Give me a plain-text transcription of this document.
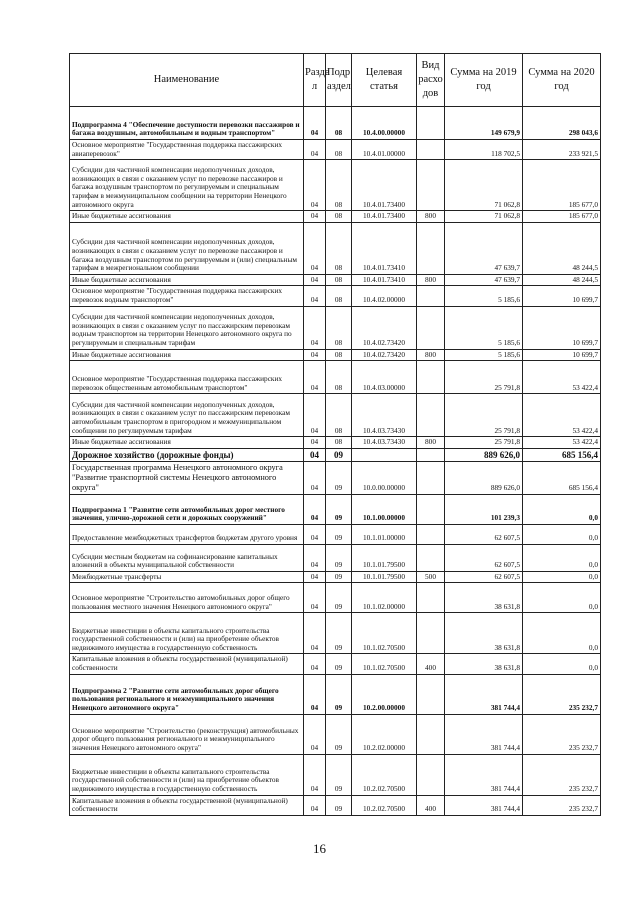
Наименование	Разде л	Подр аздел	Целевая статья	Вид расхо дов	Сумма на 2019 год	Сумма на 2020 год
Подпрограмма 4 "Обеспечение доступности перевозки пассажиров и багажа воздушным, автомобильным и водным транспортом"	04	08	10.4.00.00000		149 679,9	298 043,6
Основное мероприятие "Государственная поддержка пассажирских авиаперевозок"	04	08	10.4.01.00000		118 702,5	233 921,5
Субсидии для частичной компенсации недополученных доходов, возникающих в связи с оказанием услуг по перевозке пассажиров и багажа воздушным транспортом по регулируемым и специальным тарифам в межмуниципальном сообщении на территории Ненецкого автономного округа	04	08	10.4.01.73400		71 062,8	185 677,0
Иные бюджетные ассигнования	04	08	10.4.01.73400	800	71 062,8	185 677,0
Субсидии для частичной компенсации недополученных доходов, возникающих в связи с оказанием услуг по перевозке пассажиров и багажа воздушным транспортом по регулируемым и (или) специальным тарифам в межрегиональном сообщении	04	08	10.4.01.73410		47 639,7	48 244,5
Иные бюджетные ассигнования	04	08	10.4.01.73410	800	47 639,7	48 244,5
Основное мероприятие "Государственная поддержка пассажирских перевозок водным транспортом"	04	08	10.4.02.00000		5 185,6	10 699,7
Субсидии для частичной компенсации недополученных доходов, возникающих в связи с оказанием услуг по пассажирским перевозкам водным транспортом на территории Ненецкого автономного округа по регулируемым и специальным тарифам	04	08	10.4.02.73420		5 185,6	10 699,7
Иные бюджетные ассигнования	04	08	10.4.02.73420	800	5 185,6	10 699,7
Основное мероприятие "Государственная поддержка пассажирских перевозок общественным автомобильным транспортом"	04	08	10.4.03.00000		25 791,8	53 422,4
Субсидии для частичной компенсации недополученных доходов, возникающих в связи с оказанием услуг по пассажирским перевозкам автомобильным транспортом в пригородном и межмуниципальном сообщении по регулируемым тарифам	04	08	10.4.03.73430		25 791,8	53 422,4
Иные бюджетные ассигнования	04	08	10.4.03.73430	800	25 791,8	53 422,4
Дорожное хозяйство (дорожные фонды)	04	09			889 626,0	685 156,4
Государственная программа Ненецкого автономного округа "Развитие транспортной системы Ненецкого автономного округа"	04	09	10.0.00.00000		889 626,0	685 156,4
Подпрограмма 1 "Развитие сети автомобильных дорог местного значения, улично-дорожной сети и дорожных сооружений"	04	09	10.1.00.00000		101 239,3	0,0
Предоставление межбюджетных трансфертов бюджетам другого уровня	04	09	10.1.01.00000		62 607,5	0,0
Субсидии местным бюджетам на софинансирование капитальных вложений в объекты муниципальной собственности	04	09	10.1.01.79500		62 607,5	0,0
Межбюджетные трансферты	04	09	10.1.01.79500	500	62 607,5	0,0
Основное мероприятие "Строительство автомобильных дорог общего пользования местного значения Ненецкого автономного округа"	04	09	10.1.02.00000		38 631,8	0,0
Бюджетные инвестиции в объекты капитального строительства государственной собственности и (или) на приобретение объектов недвижимого имущества в государственную собственность	04	09	10.1.02.70500		38 631,8	0,0
Капитальные вложения в объекты государственной (муниципальной) собственности	04	09	10.1.02.70500	400	38 631,8	0,0
Подпрограмма 2 "Развитие сети автомобильных дорог общего пользования регионального и межмуниципального значения Ненецкого автономного округа"	04	09	10.2.00.00000		381 744,4	235 232,7
Основное мероприятие "Строительство (реконструкция) автомобильных дорог общего пользования регионального и межмуниципального значения Ненецкого автономного округа"	04	09	10.2.02.00000		381 744,4	235 232,7
Бюджетные инвестиции в объекты капитального строительства государственной собственности и (или) на приобретение объектов недвижимого имущества в государственную собственность	04	09	10.2.02.70500		381 744,4	235 232,7
Капитальные вложения в объекты государственной (муниципальной) собственности	04	09	10.2.02.70500	400	381 744,4	235 232,7
16
